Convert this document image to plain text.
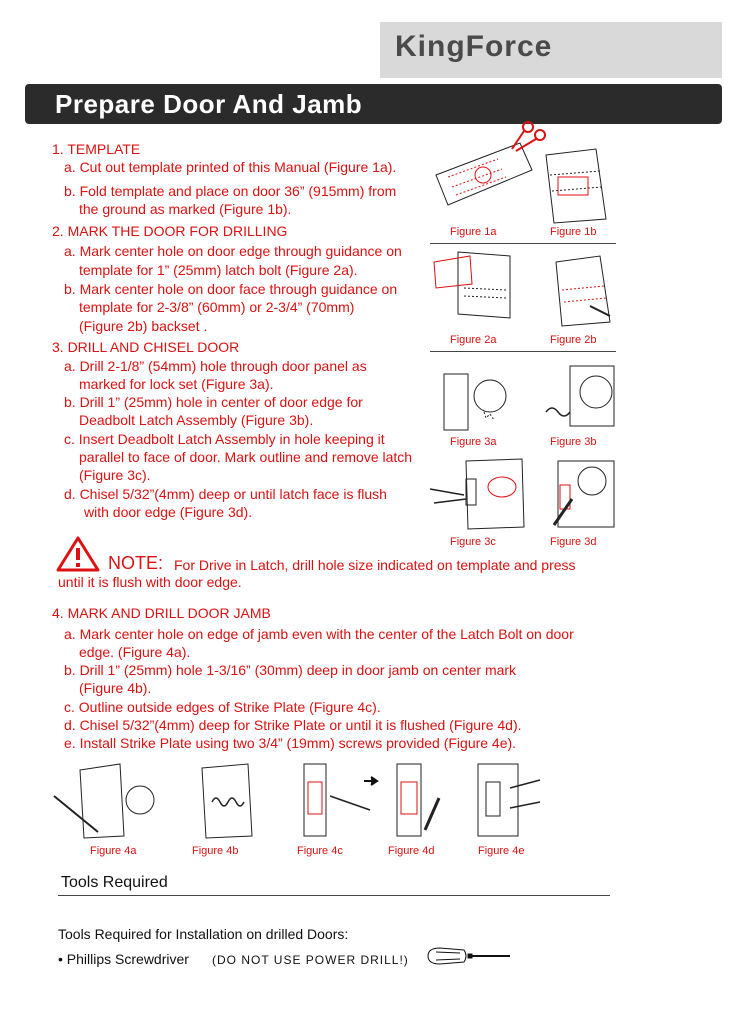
KingForce
Prepare Door And Jamb
1. TEMPLATE
a. Cut out template printed of this Manual (Figure 1a).
b. Fold template and place on door 36” (915mm) from
the ground as marked (Figure 1b).
2. MARK THE DOOR FOR DRILLING
a. Mark center hole on door edge through guidance on
template for 1” (25mm) latch bolt (Figure 2a).
b. Mark center hole on door face through guidance on
template for 2-3/8” (60mm) or 2-3/4” (70mm)
(Figure 2b) backset .
3. DRILL AND CHISEL DOOR
a. Drill 2-1/8” (54mm) hole through door panel as
marked for lock set (Figure 3a).
b. Drill 1” (25mm) hole in center of door edge for
Deadbolt Latch Assembly (Figure 3b).
c. Insert Deadbolt Latch Assembly in hole keeping it
parallel to face of door. Mark outline and remove latch
(Figure 3c).
d. Chisel 5/32”(4mm) deep or until latch face is flush
with door edge (Figure 3d).
Figure 1a	Figure 1b
Figure 2a	Figure 2b
Figure 3a	Figure 3b
Figure 3c	Figure 3d
NOTE: For Drive in Latch, drill hole size indicated on template and press
until it is flush with door edge.
4. MARK AND DRILL DOOR JAMB
a. Mark center hole on edge of jamb even with the center of the Latch Bolt on door
edge. (Figure 4a).
b. Drill 1” (25mm) hole 1-3/16” (30mm) deep in door jamb on center mark
(Figure 4b).
c. Outline outside edges of Strike Plate (Figure 4c).
d. Chisel 5/32”(4mm) deep for Strike Plate or until it is flushed (Figure 4d).
e. Install Strike Plate using two 3/4” (19mm) screws provided (Figure 4e).
Figure 4a	Figure 4b	Figure 4c	Figure 4d	Figure 4e
Tools Required
Tools Required for Installation on drilled Doors:
• Phillips Screwdriver (DO NOT USE POWER DRILL!)
